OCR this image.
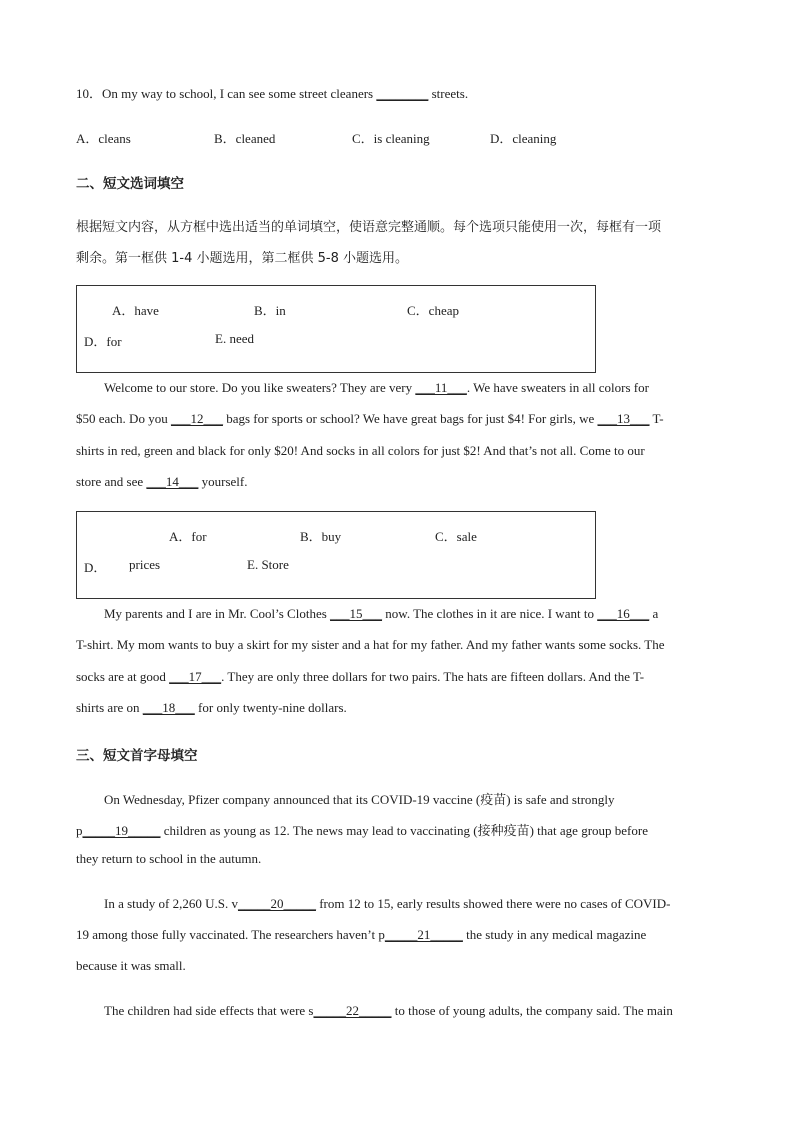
10．On my way to school, I can see some street cleaners ________ streets.
A．cleans	B．cleaned	C．is cleaning	D．cleaning
二、短文选词填空
根据短文内容，从方框中选出适当的单词填空，使语意完整通顺。每个选项只能使用一次，每框有一项
剩余。第一框供 1-4 小题选用，第二框供 5-8 小题选用。
A．have	B．in	C．cheap
D．for	E. need
Welcome to our store. Do you like sweaters? They are very ___11___. We have sweaters in all colors for
$50 each. Do you ___12___ bags for sports or school? We have great bags for just $4! For girls, we ___13___ T-
shirts in red, green and black for only $20! And socks in all colors for just $2! And that’s not all. Come to our
store and see ___14___ yourself.
A．for	B．buy	C．sale
D． prices	E. Store
My parents and I are in Mr. Cool’s Clothes ___15___ now. The clothes in it are nice. I want to ___16___ a
T-shirt. My mom wants to buy a skirt for my sister and a hat for my father. And my father wants some socks. The
socks are at good ___17___. They are only three dollars for two pairs. The hats are fifteen dollars. And the T-
shirts are on ___18___ for only twenty-nine dollars.
三、短文首字母填空
On Wednesday, Pfizer company announced that its COVID-19 vaccine (疫苗) is safe and strongly
p_____19_____ children as young as 12. The news may lead to vaccinating (接种疫苗) that age group before
they return to school in the autumn.
In a study of 2,260 U.S. v_____20_____ from 12 to 15, early results showed there were no cases of COVID-
19 among those fully vaccinated. The researchers haven’t p_____21_____ the study in any medical magazine
because it was small.
The children had side effects that were s_____22_____ to those of young adults, the company said. The main
